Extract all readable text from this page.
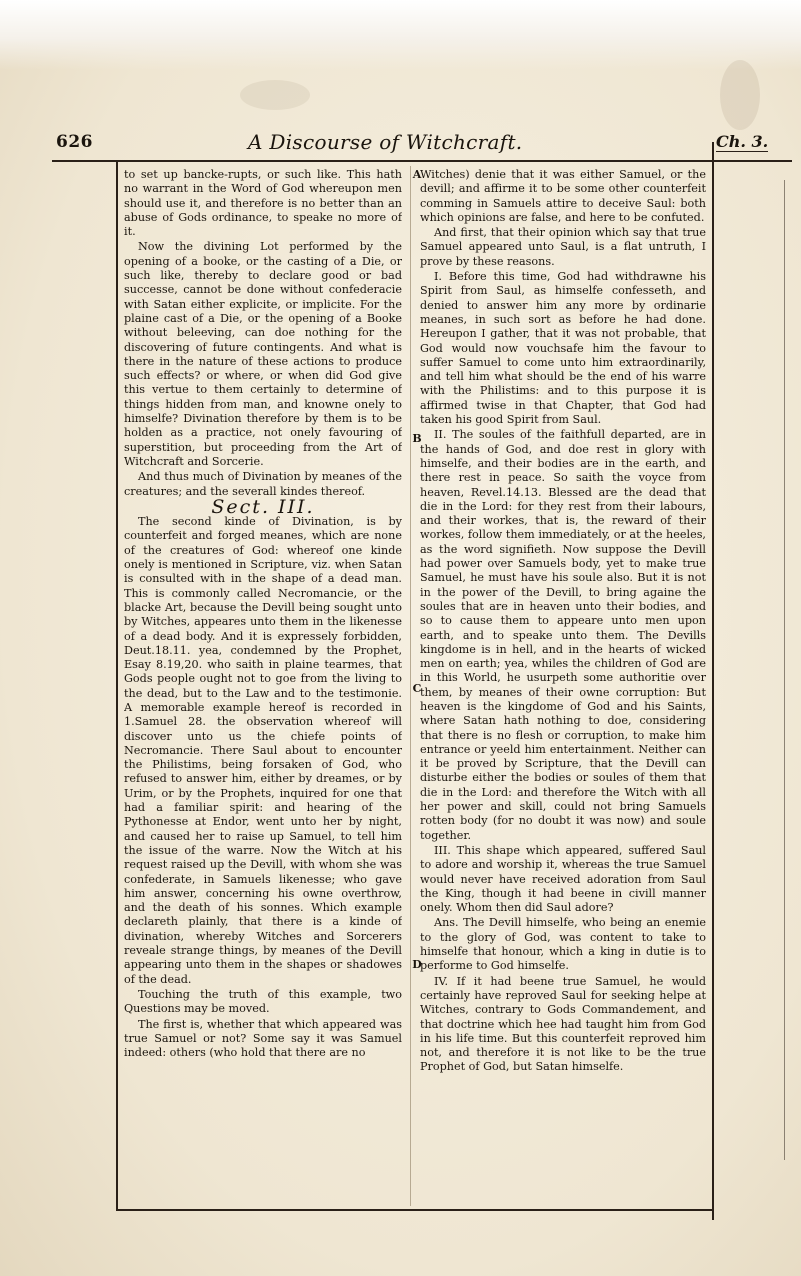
626	A Discourse of Witchcraft.	Ch. 3.
A
B
C
D

to set up bancke-rupts, or such like. This hath no warrant in the Word of God whereupon men should use it, and therefore is no better than an abuse of Gods ordinance, to speake no more of it.

Now the divining Lot performed by the opening of a booke, or the casting of a Die, or such like, thereby to declare good or bad successe, cannot be done without confederacie with Satan either explicite, or implicite. For the plaine cast of a Die, or the opening of a Booke without beleeving, can doe nothing for the discovering of future contingents. And what is there in the nature of these actions to produce such effects? or where, or when did God give this vertue to them certainly to determine of things hidden from man, and knowne onely to himselfe? Divination therefore by them is to be holden as a practice, not onely favouring of superstition, but proceeding from the Art of Witchcraft and Sorcerie.

And thus much of Divination by meanes of the creatures; and the severall kindes thereof.

Sect. III.

The second kinde of Divination, is by counterfeit and forged meanes, which are none of the creatures of God: whereof one kinde onely is mentioned in Scripture, viz. when Satan is consulted with in the shape of a dead man. This is commonly called Necromancie, or the blacke Art, because the Devill being sought unto by Witches, appeares unto them in the likenesse of a dead body. And it is expressely forbidden, Deut.18.11. yea, condemned by the Prophet, Esay 8.19,20. who saith in plaine tearmes, that Gods people ought not to goe from the living to the dead, but to the Law and to the testimonie. A memorable example hereof is recorded in 1.Samuel 28. the observation whereof will discover unto us the chiefe points of Necromancie. There Saul about to encounter the Philistims, being forsaken of God, who refused to answer him, either by dreames, or by Urim, or by the Prophets, inquired for one that had a familiar spirit: and hearing of the Pythonesse at Endor, went unto her by night, and caused her to raise up Samuel, to tell him the issue of the warre. Now the Witch at his request raised up the Devill, with whom she was confederate, in Samuels likenesse; who gave him answer, concerning his owne overthrow, and the death of his sonnes. Which example declareth plainly, that there is a kinde of divination, whereby Witches and Sorcerers reveale strange things, by meanes of the Devill appearing unto them in the shapes or shadowes of the dead.

Touching the truth of this example, two Questions may be moved.

The first is, whether that which appeared was true Samuel or not? Some say it was Samuel indeed: others (who hold that there are no

Witches) denie that it was either Samuel, or the devill; and affirme it to be some other counterfeit comming in Samuels attire to deceive Saul: both which opinions are false, and here to be confuted.

And first, that their opinion which say that true Samuel appeared unto Saul, is a flat untruth, I prove by these reasons.

I. Before this time, God had withdrawne his Spirit from Saul, as himselfe confesseth, and denied to answer him any more by ordinarie meanes, in such sort as before he had done. Hereupon I gather, that it was not probable, that God would now vouchsafe him the favour to suffer Samuel to come unto him extraordinarily, and tell him what should be the end of his warre with the Philistims: and to this purpose it is affirmed twise in that Chapter, that God had taken his good Spirit from Saul.

II. The soules of the faithfull departed, are in the hands of God, and doe rest in glory with himselfe, and their bodies are in the earth, and there rest in peace. So saith the voyce from heaven, Revel.14.13. Blessed are the dead that die in the Lord: for they rest from their labours, and their workes, that is, the reward of their workes, follow them immediately, or at the heeles, as the word signifieth. Now suppose the Devill had power over Samuels body, yet to make true Samuel, he must have his soule also. But it is not in the power of the Devill, to bring againe the soules that are in heaven unto their bodies, and so to cause them to appeare unto men upon earth, and to speake unto them. The Devills kingdome is in hell, and in the hearts of wicked men on earth; yea, whiles the children of God are in this World, he usurpeth some authoritie over them, by meanes of their owne corruption: But heaven is the kingdome of God and his Saints, where Satan hath nothing to doe, considering that there is no flesh or corruption, to make him entrance or yeeld him entertainment. Neither can it be proved by Scripture, that the Devill can disturbe either the bodies or soules of them that die in the Lord: and therefore the Witch with all her power and skill, could not bring Samuels rotten body (for no doubt it was now) and soule together.

III. This shape which appeared, suffered Saul to adore and worship it, whereas the true Samuel would never have received adoration from Saul the King, though it had beene in civill manner onely. Whom then did Saul adore?

Ans. The Devill himselfe, who being an enemie to the glory of God, was content to take to himselfe that honour, which a king in dutie is to performe to God himselfe.

IV. If it had beene true Samuel, he would certainly have reproved Saul for seeking helpe at Witches, contrary to Gods Commandement, and that doctrine which hee had taught him from God in his life time. But this counterfeit reproved him not, and therefore it is not like to be the true Prophet of God, but Satan himselfe.
